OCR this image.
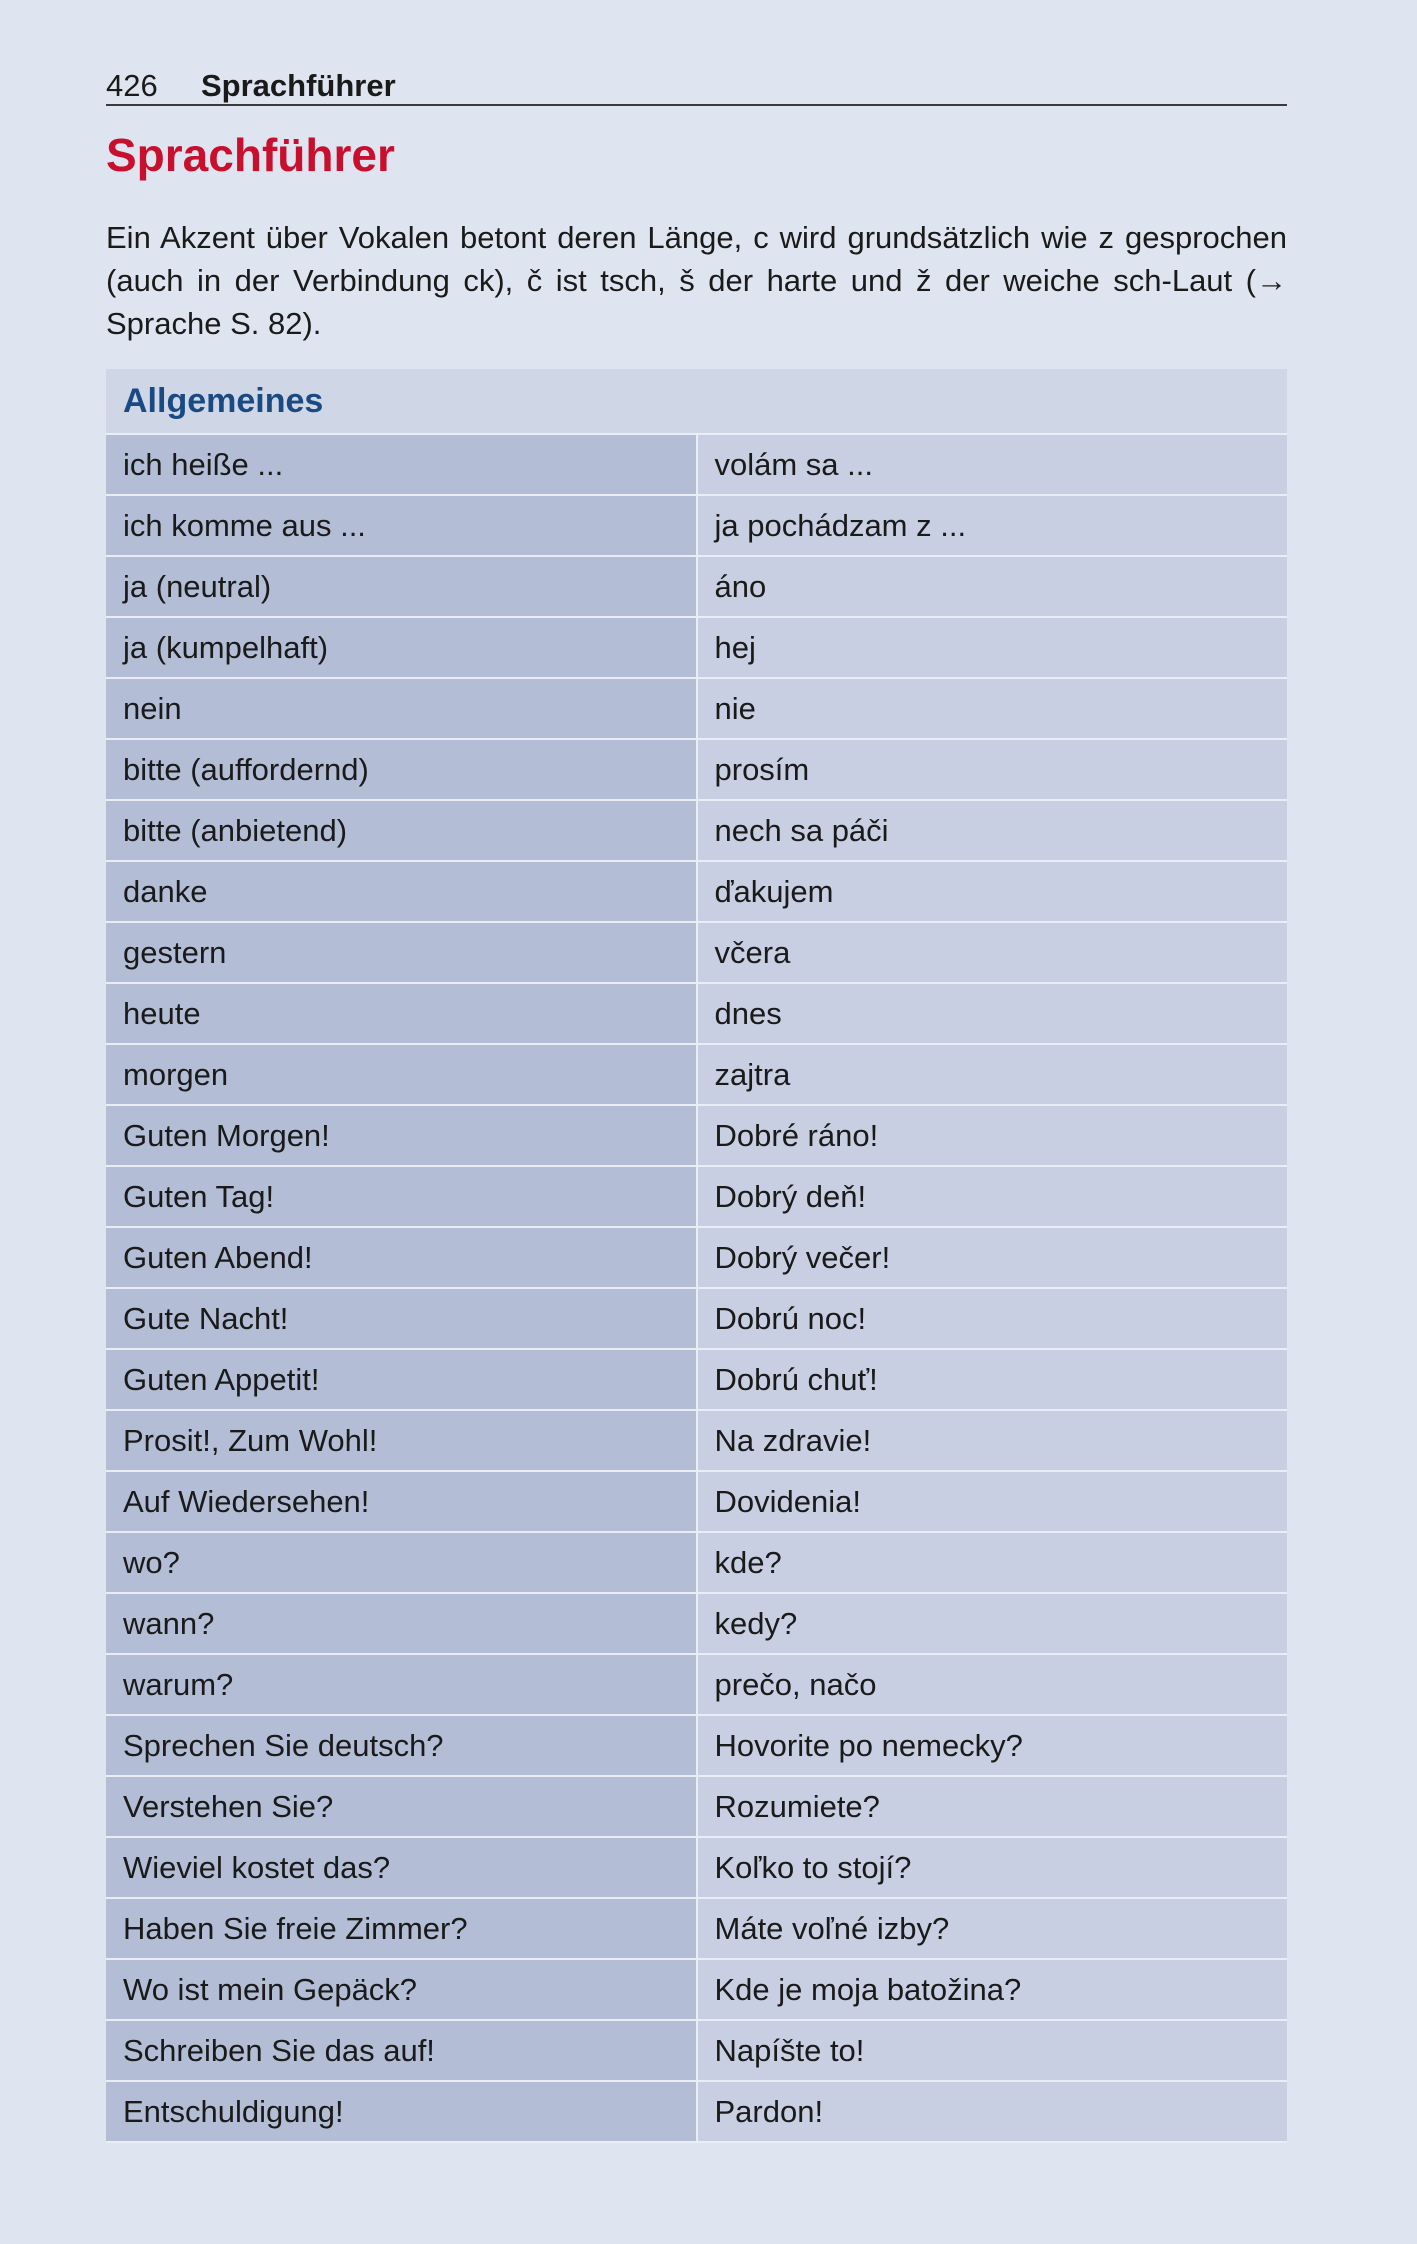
426 Sprachführer
Sprachführer

Ein Akzent über Vokalen betont deren Länge, c wird grundsätzlich wie z gesprochen (auch in der Verbindung ck), č ist tsch, š der harte und ž der weiche sch-Laut (→ Sprache S. 82).

Allgemeines	
ich heiße ...	volám sa ...
ich komme aus ...	ja pochádzam z ...
ja (neutral)	áno
ja (kumpelhaft)	hej
nein	nie
bitte (auffordernd)	prosím
bitte (anbietend)	nech sa páči
danke	ďakujem
gestern	včera
heute	dnes
morgen	zajtra
Guten Morgen!	Dobré ráno!
Guten Tag!	Dobrý deň!
Guten Abend!	Dobrý večer!
Gute Nacht!	Dobrú noc!
Guten Appetit!	Dobrú chuť!
Prosit!, Zum Wohl!	Na zdravie!
Auf Wiedersehen!	Dovidenia!
wo?	kde?
wann?	kedy?
warum?	prečo, načo
Sprechen Sie deutsch?	Hovorite po nemecky?
Verstehen Sie?	Rozumiete?
Wieviel kostet das?	Koľko to stojí?
Haben Sie freie Zimmer?	Máte voľné izby?
Wo ist mein Gepäck?	Kde je moja batožina?
Schreiben Sie das auf!	Napíšte to!
Entschuldigung!	Pardon!
